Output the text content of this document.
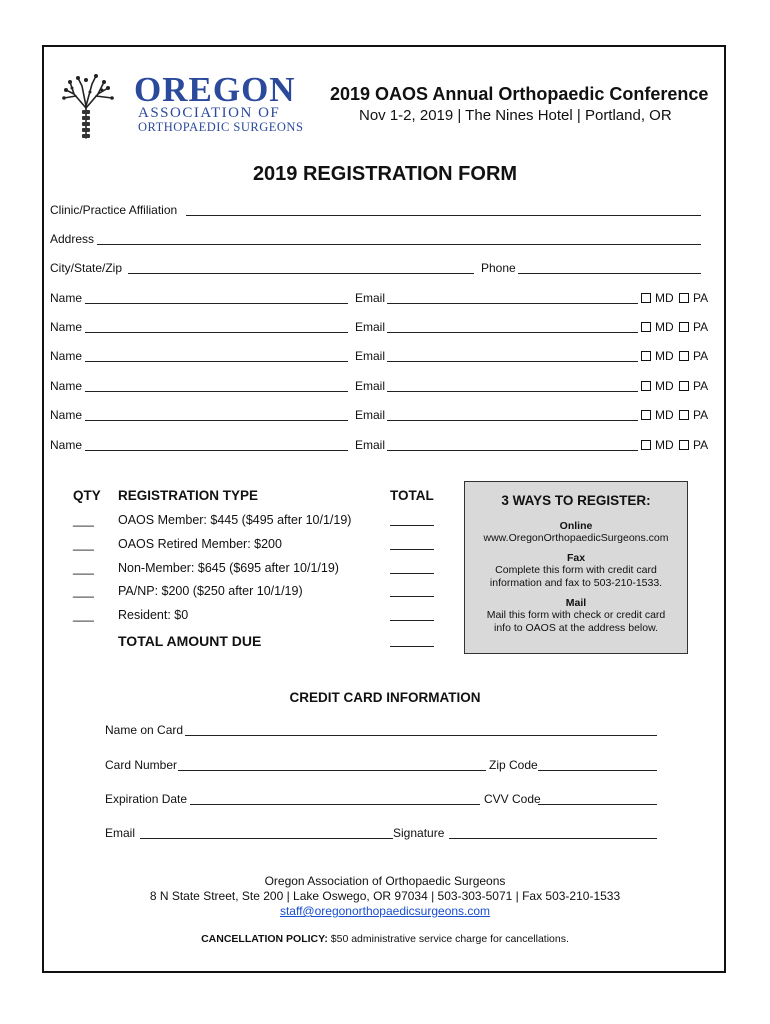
OREGON
ASSOCIATION OF
ORTHOPAEDIC SURGEONS
2019 OAOS Annual Orthopaedic Conference
Nov 1-2, 2019 | The Nines Hotel | Portland, OR
2019 REGISTRATION FORM
Clinic/Practice Affiliation
Address
City/State/Zip	Phone
Name	Email	MD	PA
Name	Email	MD	PA
Name	Email	MD	PA
Name	Email	MD	PA
Name	Email	MD	PA
Name	Email	MD	PA
QTY REGISTRATION TYPE	TOTAL
___ OAOS Member: $445 ($495 after 10/1/19)
___ OAOS Retired Member: $200
___ Non-Member: $645 ($695 after 10/1/19)
___ PA/NP: $200 ($250 after 10/1/19)
___ Resident: $0
TOTAL AMOUNT DUE
3 WAYS TO REGISTER:
Online
www.OregonOrthopaedicSurgeons.com
Fax
Complete this form with credit card
information and fax to 503-210-1533.
Mail
Mail this form with check or credit card
info to OAOS at the address below.
CREDIT CARD INFORMATION
Name on Card
Card Number	Zip Code
Expiration Date	CVV Code
Email	Signature
Oregon Association of Orthopaedic Surgeons
8 N State Street, Ste 200 | Lake Oswego, OR 97034 | 503-303-5071 | Fax 503-210-1533
staff@oregonorthopaedicsurgeons.com
CANCELLATION POLICY: $50 administrative service charge for cancellations.
